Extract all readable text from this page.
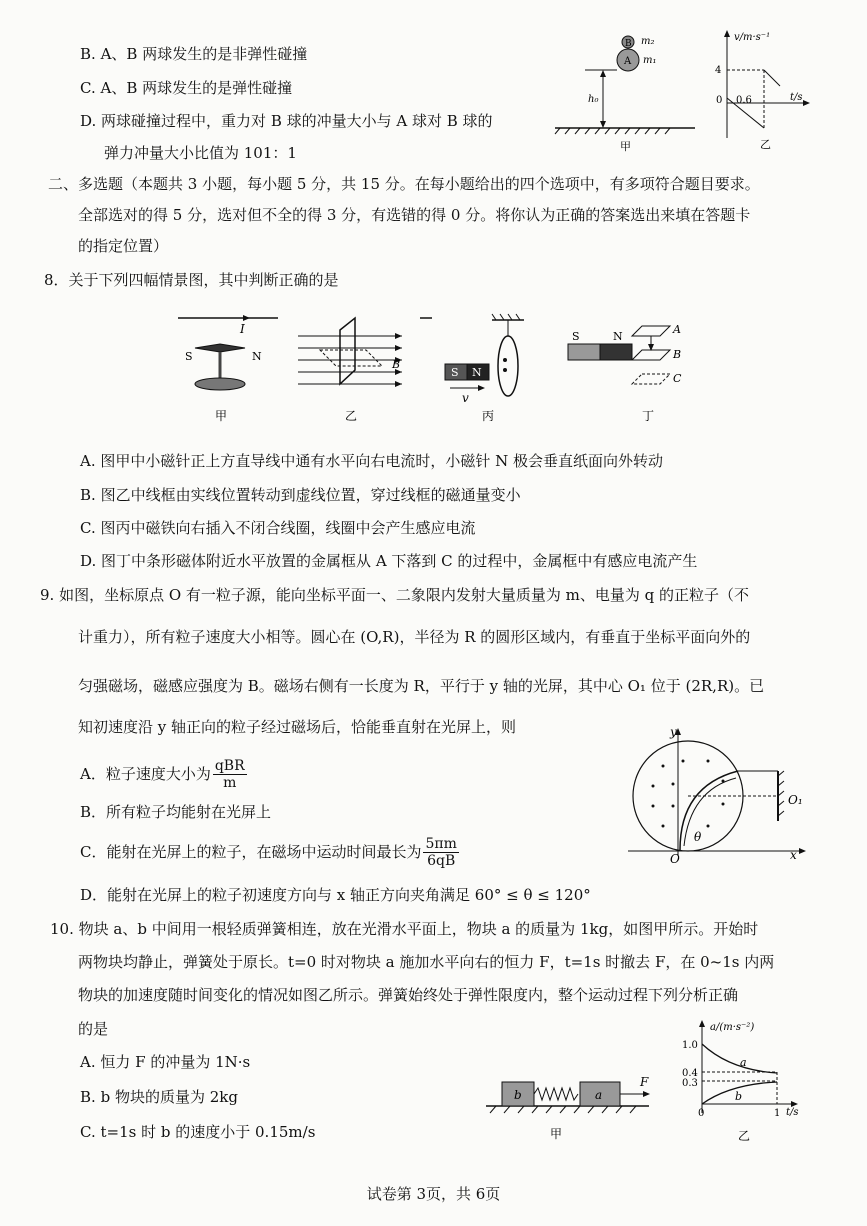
B. A、B 两球发生的是非弹性碰撞
C. A、B 两球发生的是弹性碰撞
D. 两球碰撞过程中，重力对 B 球的冲量大小与 A 球对 B 球的
弹力冲量大小比值为 101：1
B
A
m₂
m₁
h₀
甲
v/m·s⁻¹
t/s
4
0 0.6
乙
二、多选题（本题共 3 小题，每小题 5 分，共 15 分。在每小题给出的四个选项中，有多项符合题目要求。
全部选对的得 5 分，选对但不全的得 3 分，有选错的得 0 分。将你认为正确的答案选出来填在答题卡
的指定位置）
8．关于下列四幅情景图，其中判断正确的是
I
S	N
甲
B
乙
S N
v
丙
S	N
A
B
C
丁
A. 图甲中小磁针正上方直导线中通有水平向右电流时，小磁针 N 极会垂直纸面向外转动
B. 图乙中线框由实线位置转动到虚线位置，穿过线框的磁通量变小
C. 图丙中磁铁向右插入不闭合线圈，线圈中会产生感应电流
D. 图丁中条形磁体附近水平放置的金属框从 A 下落到 C 的过程中，金属框中有感应电流产生
9. 如图，坐标原点 O 有一粒子源，能向坐标平面一、二象限内发射大量质量为 m、电量为 q 的正粒子（不
计重力），所有粒子速度大小相等。圆心在 (O,R)，半径为 R 的圆形区域内，有垂直于坐标平面向外的
匀强磁场，磁感应强度为 B。磁场右侧有一长度为 R，平行于 y 轴的光屏，其中心 O₁ 位于 (2R,R)。已
知初速度沿 y 轴正向的粒子经过磁场后，恰能垂直射在光屏上，则
A．粒子速度大小为 $\frac{\text{qBR}}{m}$
B．所有粒子均能射在光屏上
C．能射在光屏上的粒子，在磁场中运动时间最长为 $\frac{5\pi m}{6qB}$
D．能射在光屏上的粒子初速度方向与 x 轴正方向夹角满足 60° ≤ θ ≤ 120°
y
x
O
O₁
θ
10. 物块 a、b 中间用一根轻质弹簧相连，放在光滑水平面上，物块 a 的质量为 1kg，如图甲所示。开始时
两物块均静止，弹簧处于原长。t=0 时对物块 a 施加水平向右的恒力 F，t=1s 时撤去 F，在 0~1s 内两
物块的加速度随时间变化的情况如图乙所示。弹簧始终处于弹性限度内，整个运动过程下列分析正确
的是
A. 恒力 F 的冲量为 1N·s
B. b 物块的质量为 2kg
C. t=1s 时 b 的速度小于 0.15m/s
b	a
F
甲
a/(m·s⁻²)
t/s
1.0
0.4
0.3
0	1
a
b
乙
试卷第 3页，共 6页
